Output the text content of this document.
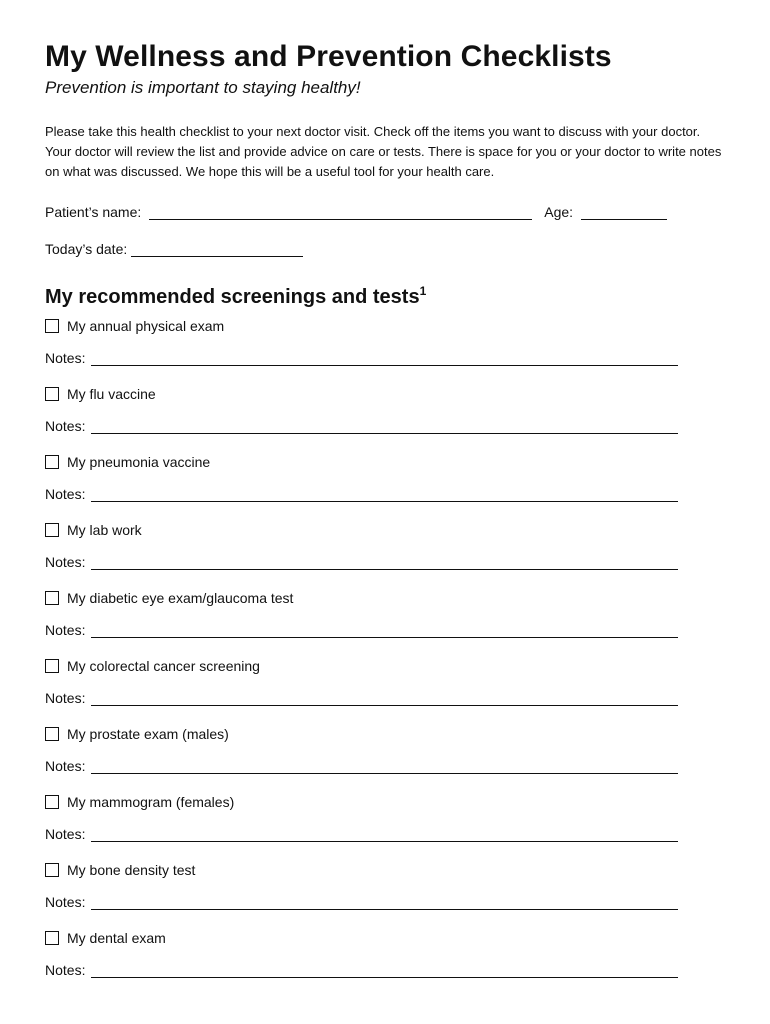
My Wellness and Prevention Checklists

Prevention is important to staying healthy!

Please take this health checklist to your next doctor visit. Check off the items you want to discuss with your doctor. Your doctor will review the list and provide advice on care or tests. There is space for you or your doctor to write notes on what was discussed. We hope this will be a useful tool for your health care.

Patient’s name:	Age:
Today’s date:
My recommended screenings and tests$^1$
My annual physical exam
Notes:
My flu vaccine
Notes:
My pneumonia vaccine
Notes:
My lab work
Notes:
My diabetic eye exam/glaucoma test
Notes:
My colorectal cancer screening
Notes:
My prostate exam (males)
Notes:
My mammogram (females)
Notes:
My bone density test
Notes:
My dental exam
Notes:
